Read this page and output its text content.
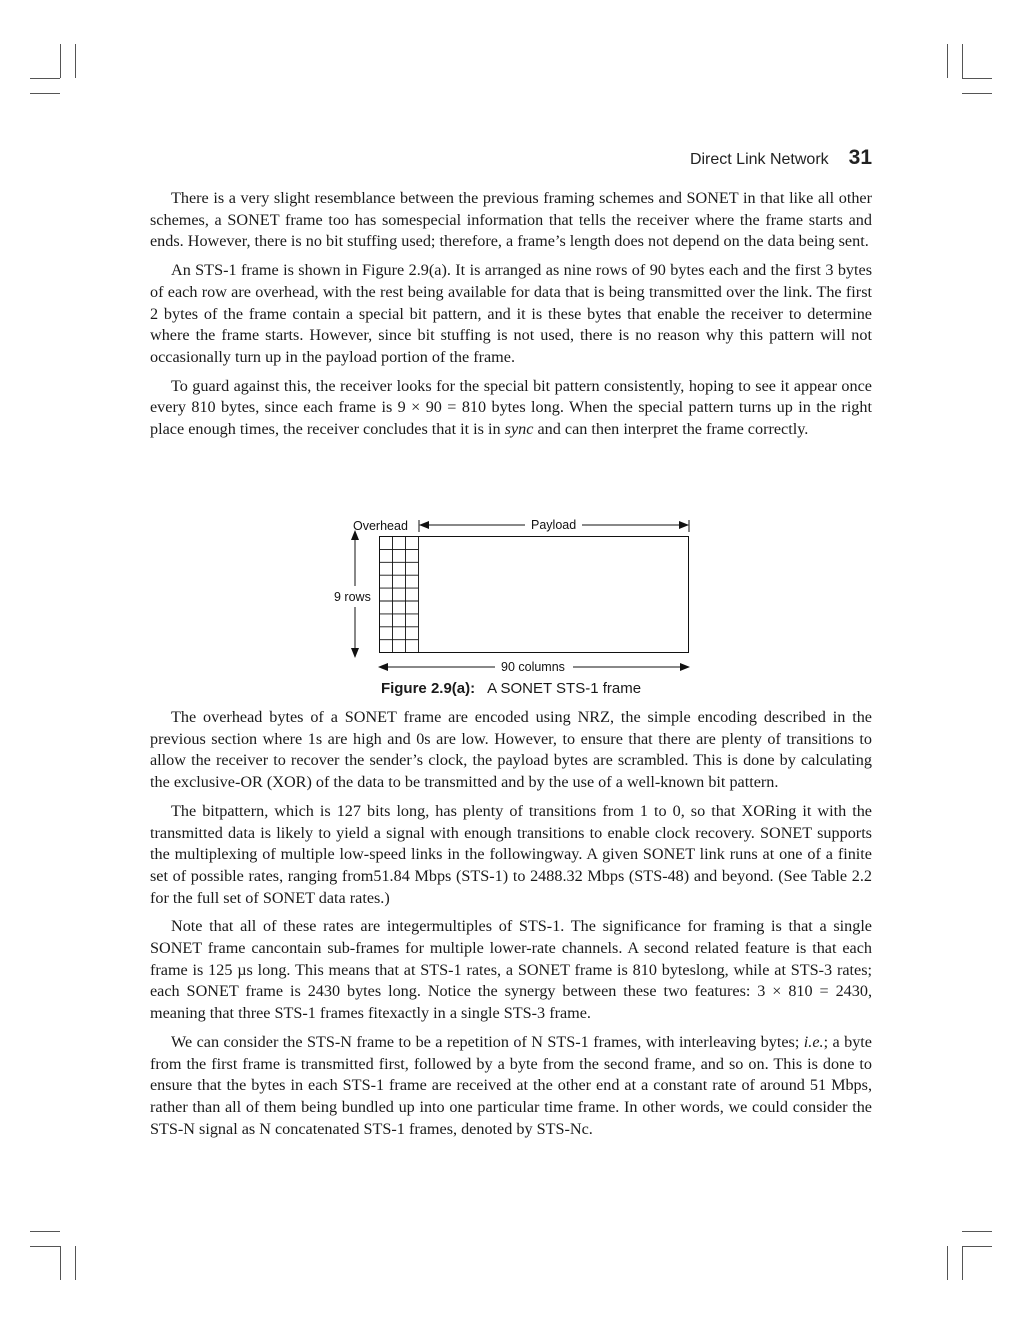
Direct Link Network 31

There is a very slight resemblance between the previous framing schemes and SONET in that like all other schemes, a SONET frame too has somespecial information that tells the receiver where the frame starts and ends. However, there is no bit stuffing used; therefore, a frame’s length does not depend on the data being sent.

An STS-1 frame is shown in Figure 2.9(a). It is arranged as nine rows of 90 bytes each and the first 3 bytes of each row are overhead, with the rest being available for data that is being transmitted over the link. The first 2 bytes of the frame contain a special bit pattern, and it is these bytes that enable the receiver to determine where the frame starts. However, since bit stuffing is not used, there is no reason why this pattern will not occasionally turn up in the payload portion of the frame.

To guard against this, the receiver looks for the special bit pattern consistently, hoping to see it appear once every 810 bytes, since each frame is 9 × 90 = 810 bytes long. When the special pattern turns up in the right place enough times, the receiver concludes that it is in sync and can then interpret the frame correctly.

Overhead	Payload
9 rows
90 columns
Figure 2.9(a): A SONET STS-1 frame

The overhead bytes of a SONET frame are encoded using NRZ, the simple encoding described in the previous section where 1s are high and 0s are low. However, to ensure that there are plenty of transitions to allow the receiver to recover the sender’s clock, the payload bytes are scrambled. This is done by calculating the exclusive-OR (XOR) of the data to be transmitted and by the use of a well-known bit pattern.

The bitpattern, which is 127 bits long, has plenty of transitions from 1 to 0, so that XORing it with the transmitted data is likely to yield a signal with enough transitions to enable clock recovery. SONET supports the multiplexing of multiple low-speed links in the followingway. A given SONET link runs at one of a finite set of possible rates, ranging from51.84 Mbps (STS-1) to 2488.32 Mbps (STS-48) and beyond. (See Table 2.2 for the full set of SONET data rates.)

Note that all of these rates are integermultiples of STS-1. The significance for framing is that a single SONET frame cancontain sub-frames for multiple lower-rate channels. A second related feature is that each frame is 125 µs long. This means that at STS-1 rates, a SONET frame is 810 byteslong, while at STS-3 rates; each SONET frame is 2430 bytes long. Notice the synergy between these two features: 3 × 810 = 2430, meaning that three STS-1 frames fitexactly in a single STS-3 frame.

We can consider the STS-N frame to be a repetition of N STS-1 frames, with interleaving bytes; i.e.; a byte from the first frame is transmitted first, followed by a byte from the second frame, and so on. This is done to ensure that the bytes in each STS-1 frame are received at the other end at a constant rate of around 51 Mbps, rather than all of them being bundled up into one particular time frame. In other words, we could consider the STS-N signal as N concatenated STS-1 frames, denoted by STS-Nc.
